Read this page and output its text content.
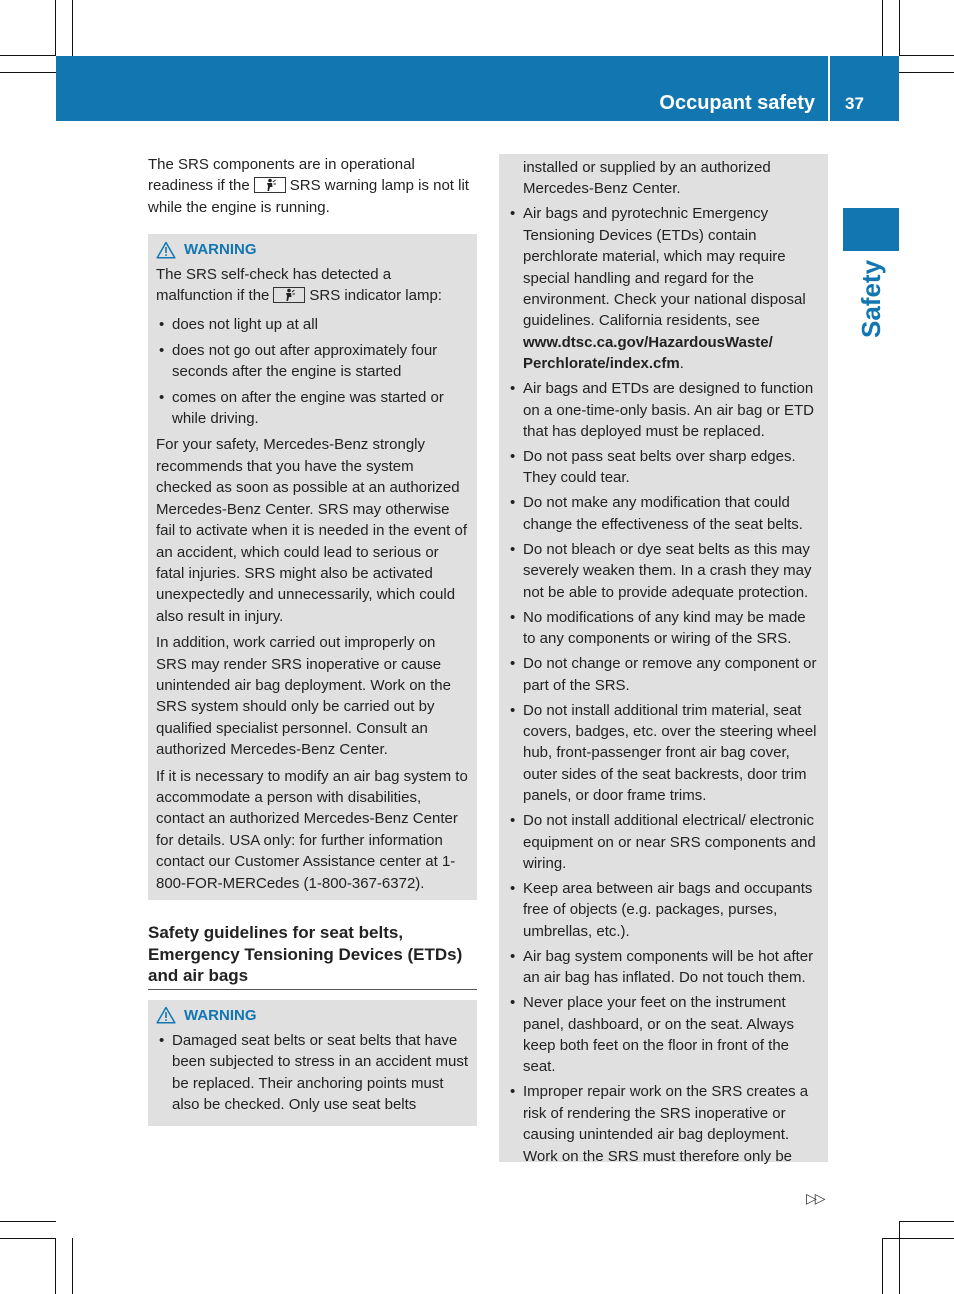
Occupant safety 37
Safety

The SRS components are in operational readiness if the	SRS warning lamp is not lit while the engine is running.

WARNING

The SRS self-check has detected a malfunction if the	SRS indicator lamp:

• does not light up at all
• does not go out after approximately four seconds after the engine is started
• comes on after the engine was started or while driving.

For your safety, Mercedes-Benz strongly recommends that you have the system checked as soon as possible at an authorized Mercedes-Benz Center. SRS may otherwise fail to activate when it is needed in the event of an accident, which could lead to serious or fatal injuries. SRS might also be activated unexpectedly and unnecessarily, which could also result in injury.

In addition, work carried out improperly on SRS may render SRS inoperative or cause unintended air bag deployment. Work on the SRS system should only be carried out by qualified specialist personnel. Consult an authorized Mercedes-Benz Center.

If it is necessary to modify an air bag system to accommodate a person with disabilities, contact an authorized Mercedes-Benz Center for details. USA only: for further information contact our Customer Assistance center at 1-800-FOR-MERCedes (1-800-367-6372).

Safety guidelines for seat belts, Emergency Tensioning Devices (ETDs) and air bags
WARNING
• Damaged seat belts or seat belts that have been subjected to stress in an accident must be replaced. Their anchoring points must also be checked. Only use seat belts
installed or supplied by an authorized Mercedes-Benz Center.
• Air bags and pyrotechnic Emergency Tensioning Devices (ETDs) contain perchlorate material, which may require special handling and regard for the environment. Check your national disposal guidelines. California residents, see www.dtsc.ca.gov/HazardousWaste/ Perchlorate/index.cfm.
• Air bags and ETDs are designed to function on a one-time-only basis. An air bag or ETD that has deployed must be replaced.
• Do not pass seat belts over sharp edges. They could tear.
• Do not make any modification that could change the effectiveness of the seat belts.
• Do not bleach or dye seat belts as this may severely weaken them. In a crash they may not be able to provide adequate protection.
• No modifications of any kind may be made to any components or wiring of the SRS.
• Do not change or remove any component or part of the SRS.
• Do not install additional trim material, seat covers, badges, etc. over the steering wheel hub, front-passenger front air bag cover, outer sides of the seat backrests, door trim panels, or door frame trims.
• Do not install additional electrical/ electronic equipment on or near SRS components and wiring.
• Keep area between air bags and occupants free of objects (e.g. packages, purses, umbrellas, etc.).
• Air bag system components will be hot after an air bag has inflated. Do not touch them.
• Never place your feet on the instrument panel, dashboard, or on the seat. Always keep both feet on the floor in front of the seat.
• Improper repair work on the SRS creates a risk of rendering the SRS inoperative or causing unintended air bag deployment. Work on the SRS must therefore only be
▷▷
